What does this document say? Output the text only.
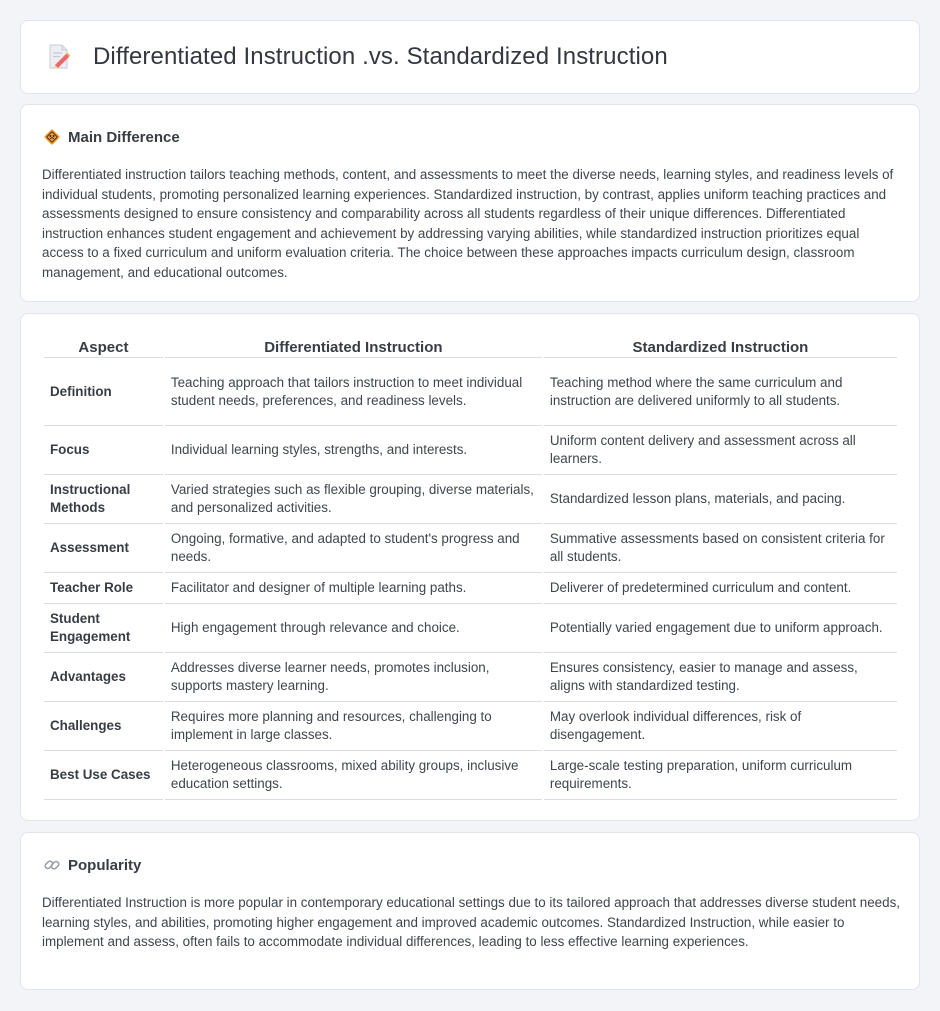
Differentiated Instruction .vs. Standardized Instruction
Main Difference

Differentiated instruction tailors teaching methods, content, and assessments to meet the diverse needs, learning styles, and readiness levels of individual students, promoting personalized learning experiences. Standardized instruction, by contrast, applies uniform teaching practices and assessments designed to ensure consistency and comparability across all students regardless of their unique differences. Differentiated instruction enhances student engagement and achievement by addressing varying abilities, while standardized instruction prioritizes equal access to a fixed curriculum and uniform evaluation criteria. The choice between these approaches impacts curriculum design, classroom management, and educational outcomes.

Aspect	Differentiated Instruction	Standardized Instruction
Definition	Teaching approach that tailors instruction to meet individual student needs, preferences, and readiness levels.	Teaching method where the same curriculum and instruction are delivered uniformly to all students.
Focus	Individual learning styles, strengths, and interests.	Uniform content delivery and assessment across all learners.
Instructional Methods	Varied strategies such as flexible grouping, diverse materials, and personalized activities.	Standardized lesson plans, materials, and pacing.
Assessment	Ongoing, formative, and adapted to student's progress and needs.	Summative assessments based on consistent criteria for all students.
Teacher Role	Facilitator and designer of multiple learning paths.	Deliverer of predetermined curriculum and content.
Student Engagement	High engagement through relevance and choice.	Potentially varied engagement due to uniform approach.
Advantages	Addresses diverse learner needs, promotes inclusion, supports mastery learning.	Ensures consistency, easier to manage and assess, aligns with standardized testing.
Challenges	Requires more planning and resources, challenging to implement in large classes.	May overlook individual differences, risk of disengagement.
Best Use Cases	Heterogeneous classrooms, mixed ability groups, inclusive education settings.	Large-scale testing preparation, uniform curriculum requirements.
Popularity

Differentiated Instruction is more popular in contemporary educational settings due to its tailored approach that addresses diverse student needs, learning styles, and abilities, promoting higher engagement and improved academic outcomes. Standardized Instruction, while easier to implement and assess, often fails to accommodate individual differences, leading to less effective learning experiences.
